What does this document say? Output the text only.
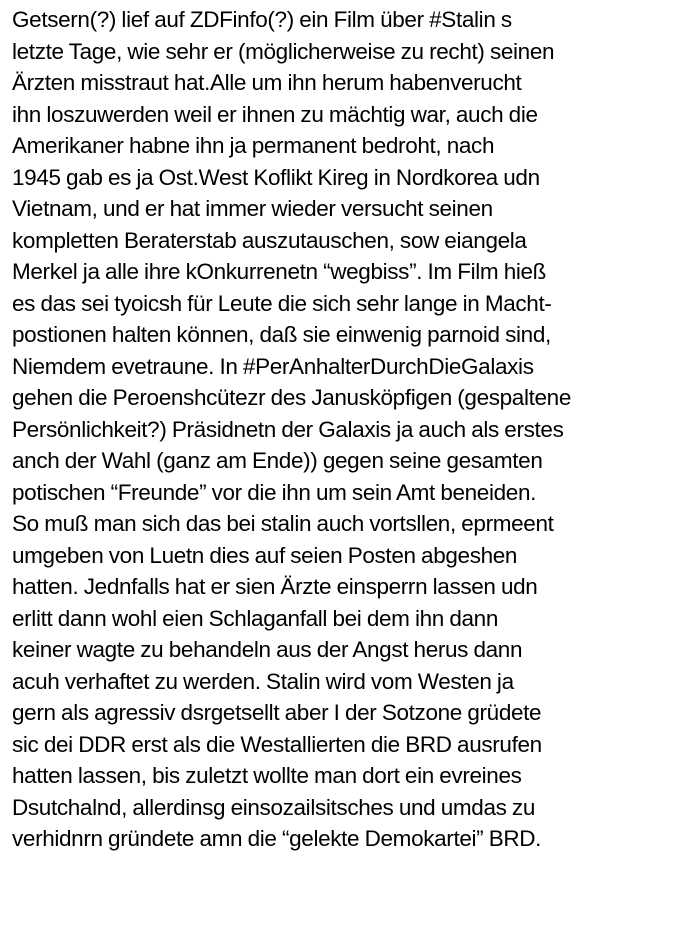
Getsern(?) lief auf ZDFinfo(?) ein Film über #Stalin s
letzte Tage, wie sehr er (möglicherweise zu recht) seinen
Ärzten misstraut hat.Alle um ihn herum habenverucht
ihn loszuwerden weil er ihnen zu mächtig war, auch die
Amerikaner habne ihn ja permanent bedroht, nach
1945 gab es ja Ost.West Koflikt Kireg in Nordkorea udn
Vietnam, und er hat immer wieder versucht seinen
kompletten Beraterstab auszutauschen, sow eiangela
Merkel ja alle ihre kOnkurrenetn “wegbiss”. Im Film hieß
es das sei tyoicsh für Leute die sich sehr lange in Macht-
postionen halten können, daß sie einwenig parnoid sind,
Niemdem evetraune. In #PerAnhalterDurchDieGalaxis
gehen die Peroenshcütezr des Janusköpfigen (gespaltene
Persönlichkeit?) Präsidnetn der Galaxis ja auch als erstes
anch der Wahl (ganz am Ende)) gegen seine gesamten
potischen “Freunde” vor die ihn um sein Amt beneiden.
So muß man sich das bei stalin auch vortsllen, eprmeent
umgeben von Luetn dies auf seien Posten abgeshen
hatten. Jednfalls hat er sien Ärzte einsperrn lassen udn
erlitt dann wohl eien Schlaganfall bei dem ihn dann
keiner wagte zu behandeln aus der Angst herus dann
acuh verhaftet zu werden. Stalin wird vom Westen ja
gern als agressiv dsrgetsellt aber I der Sotzone grüdete
sic dei DDR erst als die Westallierten die BRD ausrufen
hatten lassen, bis zuletzt wollte man dort ein evreines
Dsutchalnd, allerdinsg einsozailsitsches und umdas zu
verhidnrn gründete amn die “gelekte Demokartei” BRD.
